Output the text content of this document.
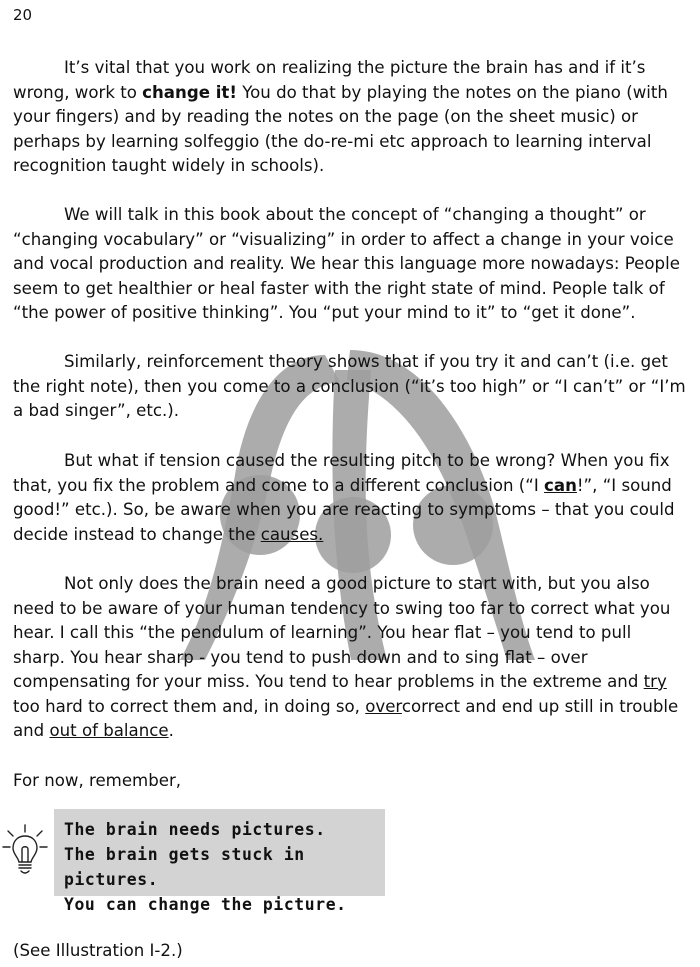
20

It’s vital that you work on realizing the picture the brain has and if it’s wrong, work to change it! You do that by playing the notes on the piano (with your fingers) and by reading the notes on the page (on the sheet music) or perhaps by learning solfeggio (the do-re-mi etc approach to learning interval recognition taught widely in schools).

We will talk in this book about the concept of “changing a thought” or “changing vocabulary” or “visualizing” in order to affect a change in your voice and vocal production and reality. We hear this language more nowadays: People seem to get healthier or heal faster with the right state of mind. People talk of “the power of positive thinking”. You “put your mind to it” to “get it done”.

Similarly, reinforcement theory shows that if you try it and can’t (i.e. get the right note), then you come to a conclusion (“it’s too high” or “I can’t” or “I’m a bad singer”, etc.).

But what if tension caused the resulting pitch to be wrong? When you fix that, you fix the problem and come to a different conclusion (“I can!”, “I sound good!” etc.). So, be aware when you are reacting to symptoms – that you could decide instead to change the causes.

Not only does the brain need a good picture to start with, but you also need to be aware of your human tendency to swing too far to correct what you hear. I call this “the pendulum of learning”. You hear flat – you tend to pull sharp. You hear sharp - you tend to push down and to sing flat – over compensating for your miss. You tend to hear problems in the extreme and try too hard to correct them and, in doing so, overcorrect and end up still in trouble and out of balance.

For now, remember,

The brain needs pictures.
The brain gets stuck in pictures.
You can change the picture.

(See Illustration I-2.)
